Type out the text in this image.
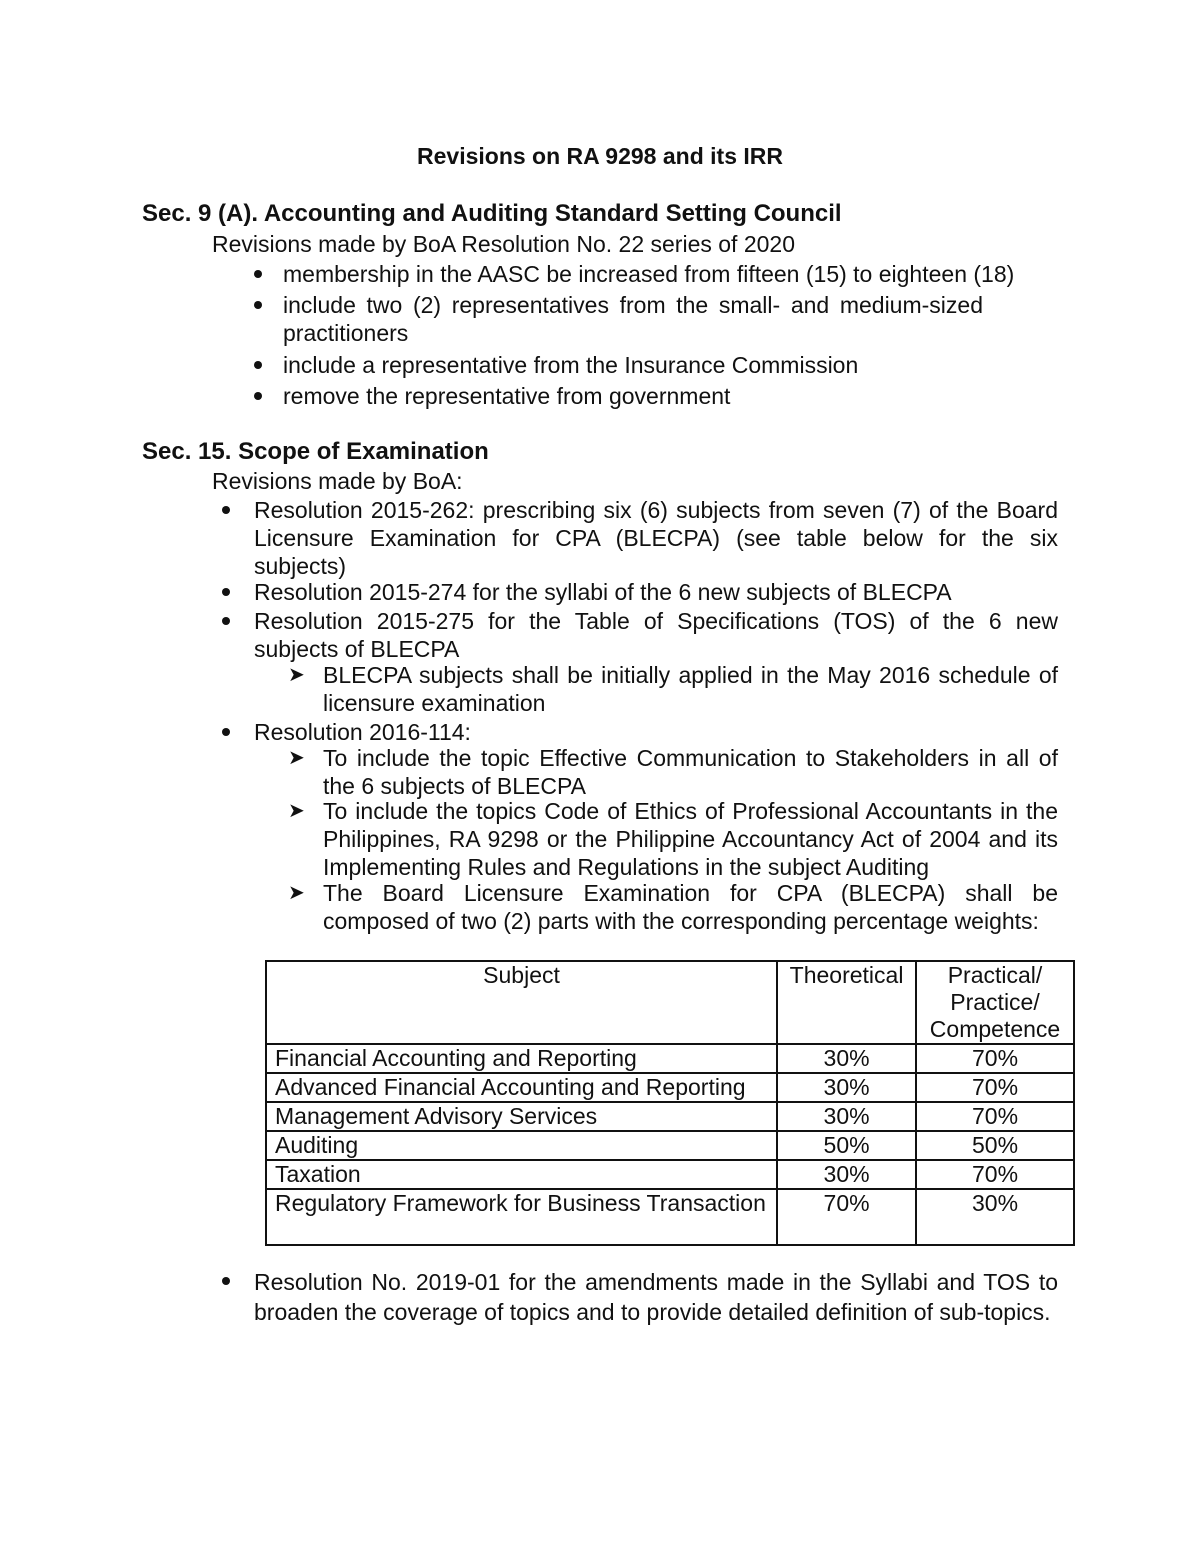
Revisions on RA 9298 and its IRR
Sec. 9 (A). Accounting and Auditing Standard Setting Council
Revisions made by BoA Resolution No. 22 series of 2020
membership in the AASC be increased from fifteen (15) to eighteen (18)
include two (2) representatives from the small- and medium-sized practitioners
include a representative from the Insurance Commission
remove the representative from government
Sec. 15. Scope of Examination
Revisions made by BoA:
Resolution 2015-262: prescribing six (6) subjects from seven (7) of the Board Licensure Examination for CPA (BLECPA) (see table below for the six subjects)
Resolution 2015-274 for the syllabi of the 6 new subjects of BLECPA
Resolution 2015-275 for the Table of Specifications (TOS) of the 6 new subjects of BLECPA
➤ BLECPA subjects shall be initially applied in the May 2016 schedule of licensure examination
Resolution 2016-114:
➤ To include the topic Effective Communication to Stakeholders in all of the 6 subjects of BLECPA
➤ To include the topics Code of Ethics of Professional Accountants in the Philippines, RA 9298 or the Philippine Accountancy Act of 2004 and its Implementing Rules and Regulations in the subject Auditing
➤ The Board Licensure Examination for CPA (BLECPA) shall be composed of two (2) parts with the corresponding percentage weights:
Subject	Theoretical	Practical/ Practice/ Competence
Financial Accounting and Reporting	30%	70%
Advanced Financial Accounting and Reporting	30%	70%
Management Advisory Services	30%	70%
Auditing	50%	50%
Taxation	30%	70%
Regulatory Framework for Business Transaction	70%	30%
Resolution No. 2019-01 for the amendments made in the Syllabi and TOS to broaden the coverage of topics and to provide detailed definition of sub-topics.
